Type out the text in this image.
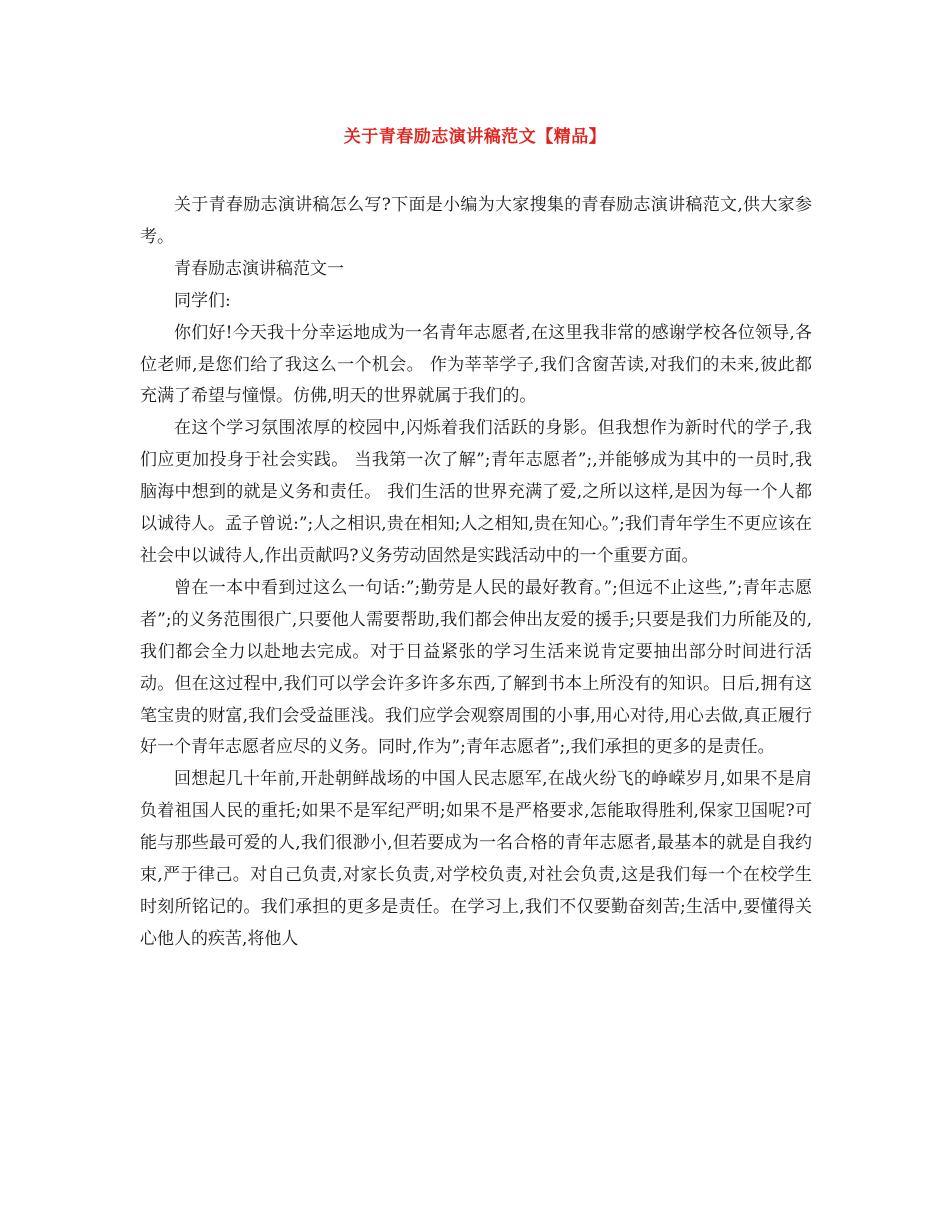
关于青春励志演讲稿范文【精品】

关于青春励志演讲稿怎么写?下面是小编为大家搜集的青春励志演讲稿范文,供大家参考。

青春励志演讲稿范文一

同学们:

你们好!今天我十分幸运地成为一名青年志愿者,在这里我非常的感谢学校各位领导,各位老师,是您们给了我这么一个机会。 作为莘莘学子,我们含窗苦读,对我们的未来,彼此都充满了希望与憧憬。仿佛,明天的世界就属于我们的。

在这个学习氛围浓厚的校园中,闪烁着我们活跃的身影。但我想作为新时代的学子,我们应更加投身于社会实践。 当我第一次了解”;青年志愿者”;,并能够成为其中的一员时,我脑海中想到的就是义务和责任。 我们生活的世界充满了爱,之所以这样,是因为每一个人都以诚待人。孟子曾说:”;人之相识,贵在相知;人之相知,贵在知心。”;我们青年学生不更应该在社会中以诚待人,作出贡献吗?义务劳动固然是实践活动中的一个重要方面。

曾在一本中看到过这么一句话:”;勤劳是人民的最好教育。”;但远不止这些,”;青年志愿者”;的义务范围很广,只要他人需要帮助,我们都会伸出友爱的援手;只要是我们力所能及的,我们都会全力以赴地去完成。对于日益紧张的学习生活来说肯定要抽出部分时间进行活动。但在这过程中,我们可以学会许多许多东西,了解到书本上所没有的知识。日后,拥有这笔宝贵的财富,我们会受益匪浅。我们应学会观察周围的小事,用心对待,用心去做,真正履行好一个青年志愿者应尽的义务。同时,作为”;青年志愿者”;,我们承担的更多的是责任。

回想起几十年前,开赴朝鲜战场的中国人民志愿军,在战火纷飞的峥嵘岁月,如果不是肩负着祖国人民的重托;如果不是军纪严明;如果不是严格要求,怎能取得胜利,保家卫国呢?可能与那些最可爱的人,我们很渺小,但若要成为一名合格的青年志愿者,最基本的就是自我约束,严于律己。对自己负责,对家长负责,对学校负责,对社会负责,这是我们每一个在校学生时刻所铭记的。我们承担的更多是责任。在学习上,我们不仅要勤奋刻苦;生活中,要懂得关心他人的疾苦,将他人
